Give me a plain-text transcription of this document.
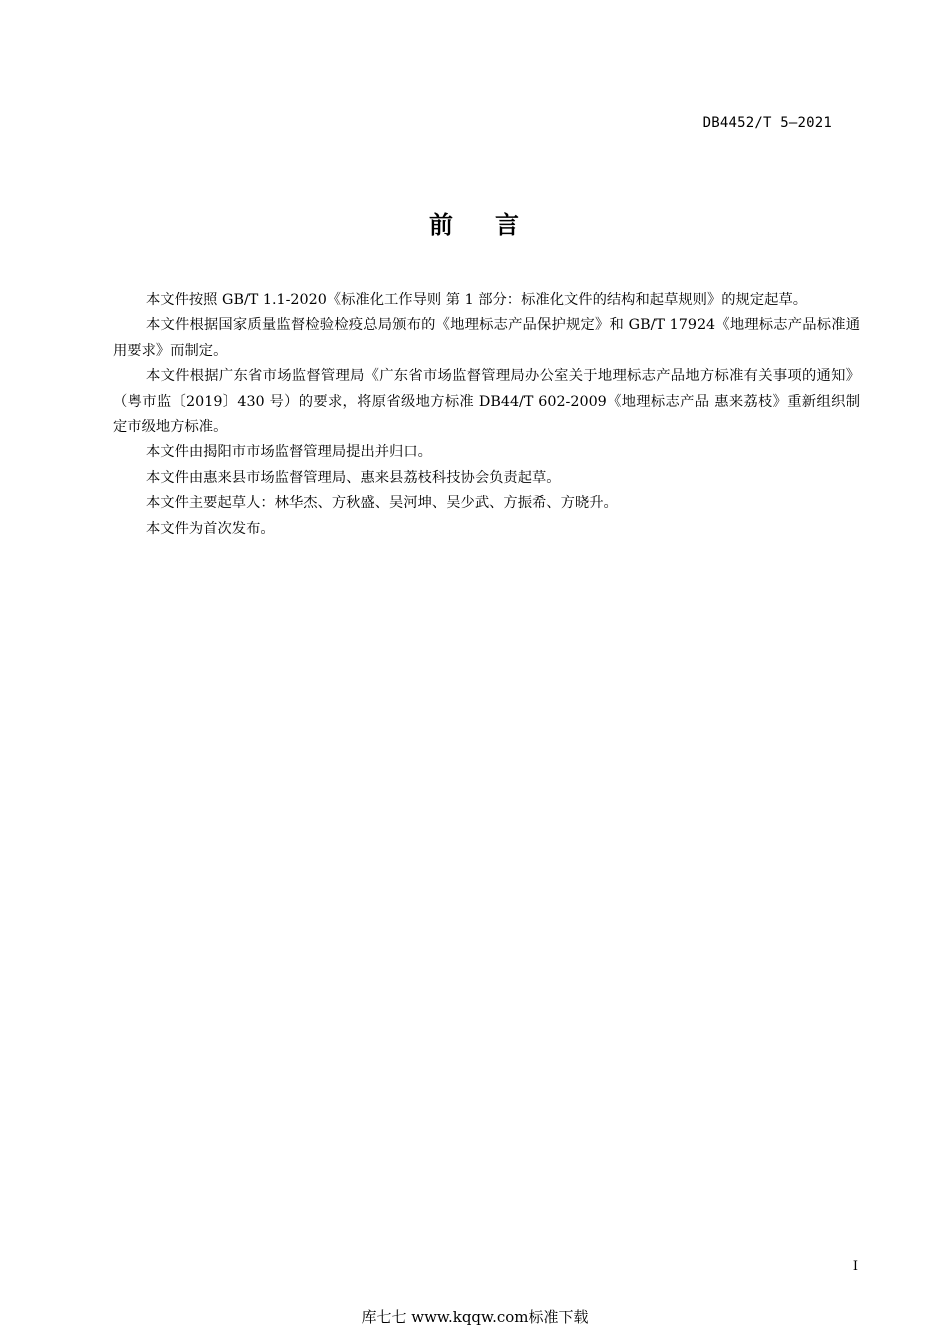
DB4452/T 5—2021
前 言

本文件按照 GB/T 1.1-2020《标准化工作导则 第 1 部分：标准化文件的结构和起草规则》的规定起草。

本文件根据国家质量监督检验检疫总局颁布的《地理标志产品保护规定》和 GB/T 17924《地理标志产品标准通用要求》而制定。

本文件根据广东省市场监督管理局《广东省市场监督管理局办公室关于地理标志产品地方标准有关事项的通知》（粤市监〔2019〕430 号）的要求，将原省级地方标准 DB44/T 602-2009《地理标志产品 惠来荔枝》重新组织制定市级地方标准。

本文件由揭阳市市场监督管理局提出并归口。

本文件由惠来县市场监督管理局、惠来县荔枝科技协会负责起草。

本文件主要起草人：林华杰、方秋盛、吴河坤、吴少武、方振希、方晓升。

本文件为首次发布。

I
库七七 www.kqqw.com标准下载
